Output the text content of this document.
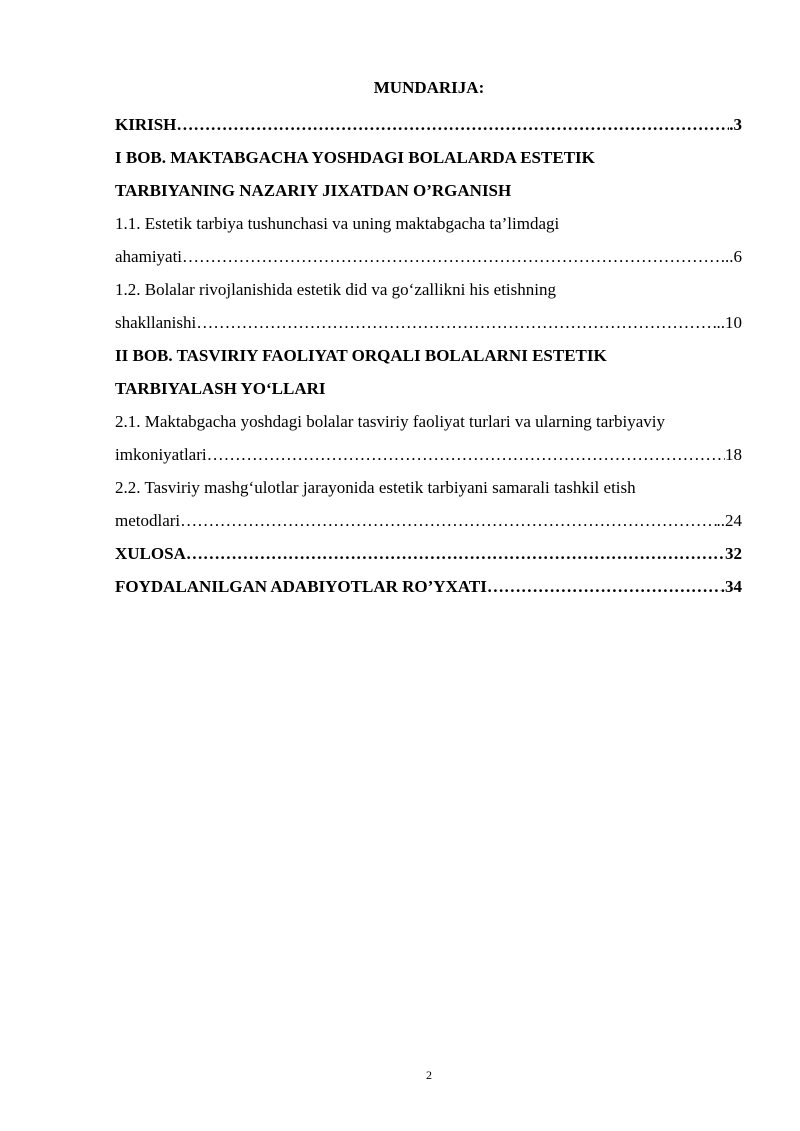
MUNDARIJA:
KIRISH ……………………………………………………………………………………………………………………………………………………………………	.3
I BOB. MAKTABGACHA YOSHDAGI BOLALARDA ESTETIK
TARBIYANING NAZARIY JIXATDAN O’RGANISH
1.1. Estetik tarbiya tushunchasi va uning maktabgacha ta’limdagi
ahamiyati ……………………………………………………………………………………………………………………………………………………………………	...6
1.2. Bolalar rivojlanishida estetik did va go‘zallikni his etishning
shakllanishi ……………………………………………………………………………………………………………………………………………………………………	..10
II BOB. TASVIRIY FAOLIYAT ORQALI BOLALARNI ESTETIK
TARBIYALASH YO‘LLARI
2.1. Maktabgacha yoshdagi bolalar tasviriy faoliyat turlari va ularning tarbiyaviy
imkoniyatlari ……………………………………………………………………………………………………………………………………………………………………	18
2.2. Tasviriy mashg‘ulotlar jarayonida estetik tarbiyani samarali tashkil etish
metodlari ……………………………………………………………………………………………………………………………………………………………………	..24
XULOSA ……………………………………………………………………………………………………………………………………………………………………	32
FOYDALANILGAN ADABIYOTLAR RO’YXATI ……………………………………………………………………………………………………………………………………………………………………	.34
2
